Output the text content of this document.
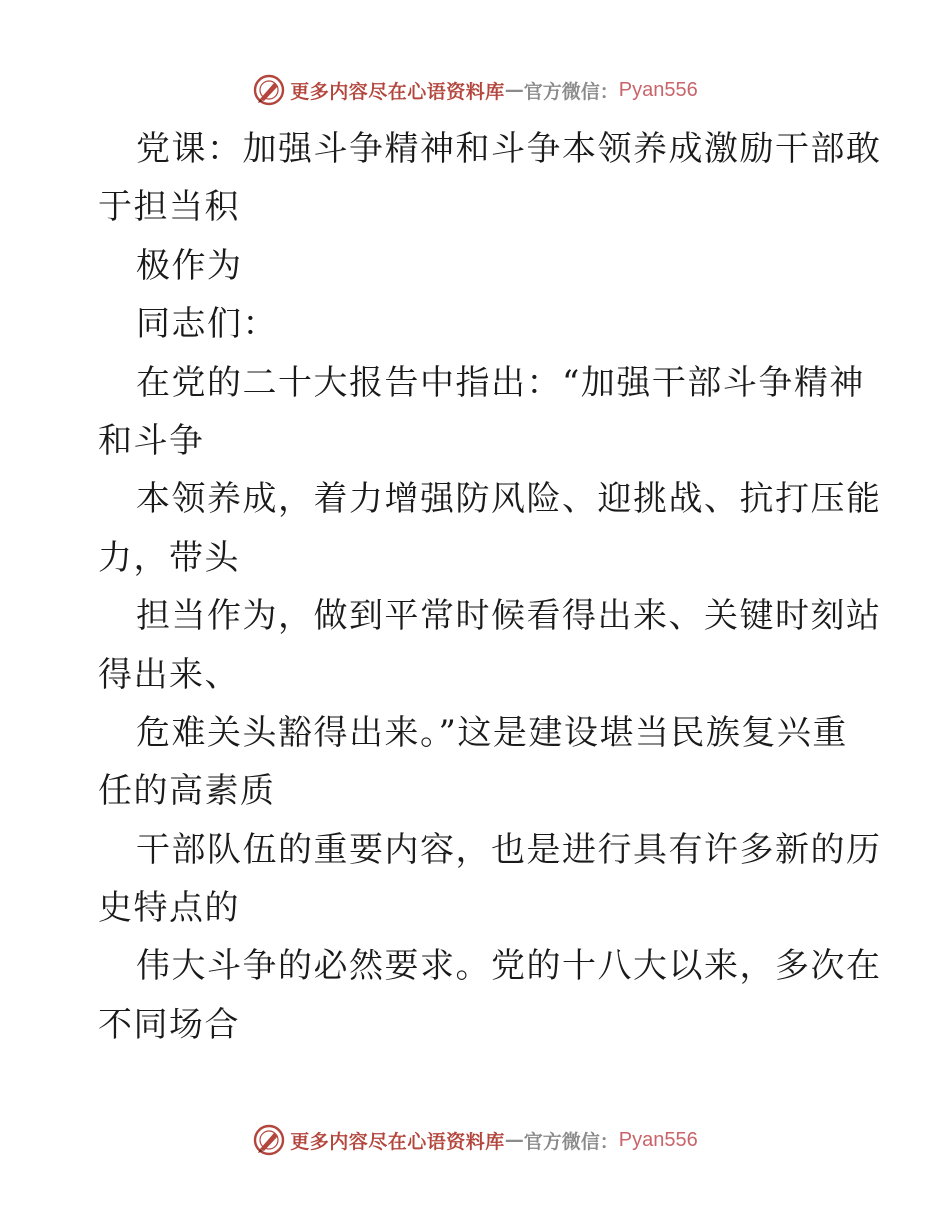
更多内容尽在心语资料库 — 官方微信： Pyan556
党课：加强斗争精神和斗争本领养成激励干部敢
于担当积
极作为
同志们：
在党的二十大报告中指出：“加强干部斗争精神
和斗争
本领养成，着力增强防风险、迎挑战、抗打压能
力，带头
担当作为，做到平常时候看得出来、关键时刻站
得出来、
危难关头豁得出来。”这是建设堪当民族复兴重
任的高素质
干部队伍的重要内容，也是进行具有许多新的历
史特点的
伟大斗争的必然要求。党的十八大以来，多次在
不同场合
更多内容尽在心语资料库 — 官方微信： Pyan556
